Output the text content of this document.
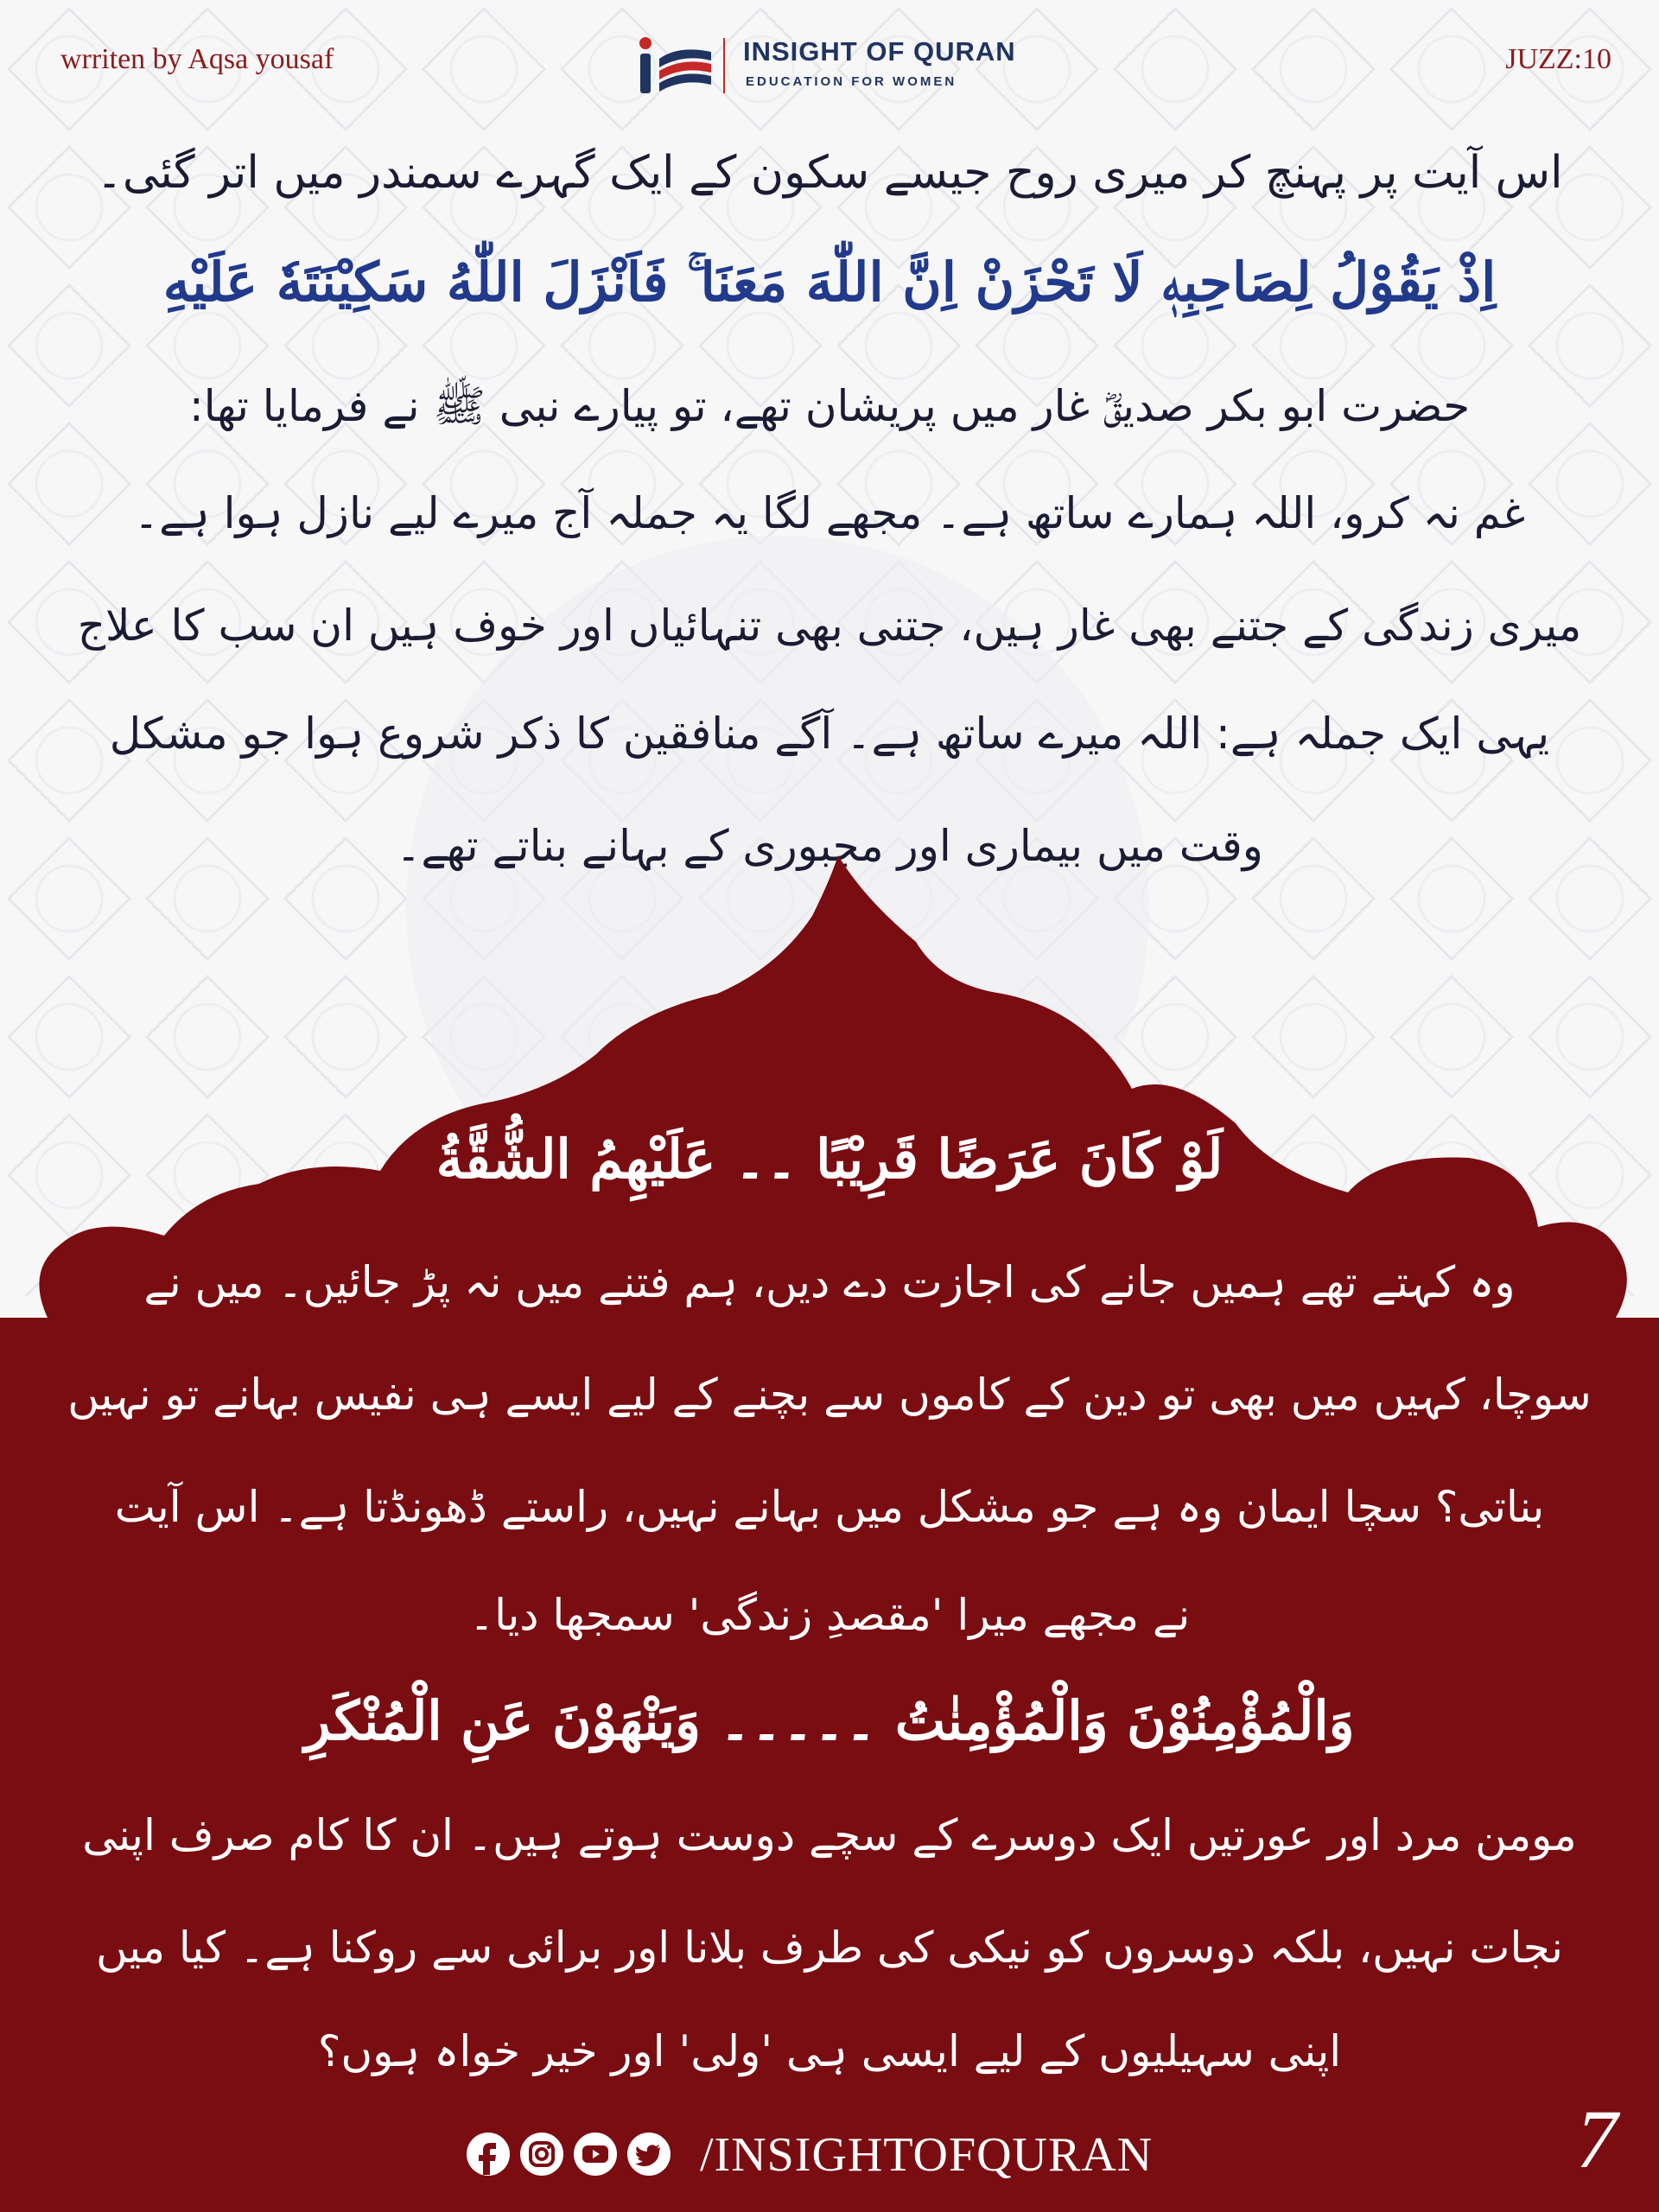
wrriten by Aqsa yousaf	JUZZ:10
INSIGHT OF QURAN
EDUCATION FOR WOMEN
اس آیت پر پہنچ کر میری روح جیسے سکون کے ایک گہرے سمندر میں اتر گئی۔
اِذْ یَقُوْلُ لِصَاحِبِهٖ لَا تَحْزَنْ اِنَّ اللّٰهَ مَعَنَا ۚ فَاَنْزَلَ اللّٰهُ سَكِیْنَتَهٗ عَلَیْهِ
حضرت ابو بکر صدیقؓ غار میں پریشان تھے، تو پیارے نبی ﷺ نے فرمایا تھا:
غم نہ کرو، اللہ ہمارے ساتھ ہے۔ مجھے لگا یہ جملہ آج میرے لیے نازل ہوا ہے۔
میری زندگی کے جتنے بھی غار ہیں، جتنی بھی تنہائیاں اور خوف ہیں ان سب کا علاج
یہی ایک جملہ ہے: اللہ میرے ساتھ ہے۔ آگے منافقین کا ذکر شروع ہوا جو مشکل
وقت میں بیماری اور مجبوری کے بہانے بناتے تھے۔
لَوْ كَانَ عَرَضًا قَرِیْبًا ۔۔ عَلَیْهِمُ الشُّقَّةُ
وہ کہتے تھے ہمیں جانے کی اجازت دے دیں، ہم فتنے میں نہ پڑ جائیں۔ میں نے
سوچا، کہیں میں بھی تو دین کے کاموں سے بچنے کے لیے ایسے ہی نفیس بہانے تو نہیں
بناتی؟ سچا ایمان وہ ہے جو مشکل میں بہانے نہیں، راستے ڈھونڈتا ہے۔ اس آیت
نے مجھے میرا 'مقصدِ زندگی' سمجھا دیا۔
وَالْمُؤْمِنُوْنَ وَالْمُؤْمِنٰتُ ۔۔۔۔۔ وَیَنْهَوْنَ عَنِ الْمُنْكَرِ
مومن مرد اور عورتیں ایک دوسرے کے سچے دوست ہوتے ہیں۔ ان کا کام صرف اپنی
نجات نہیں، بلکہ دوسروں کو نیکی کی طرف بلانا اور برائی سے روکنا ہے۔ کیا میں
اپنی سہیلیوں کے لیے ایسی ہی 'ولی' اور خیر خواہ ہوں؟
/INSIGHTOFQURAN	7
